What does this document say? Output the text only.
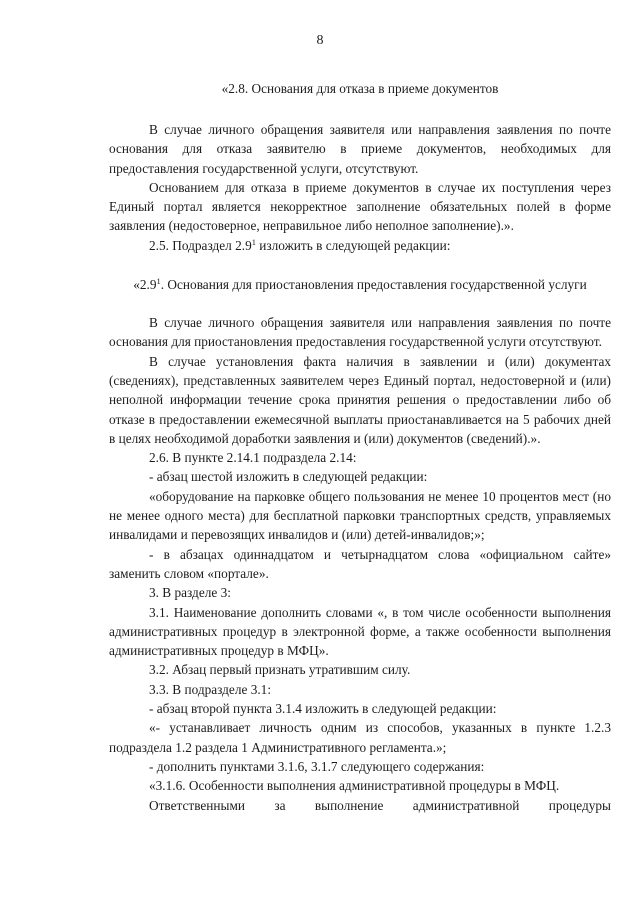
8

«2.8. Основания для отказа в приеме документов

В случае личного обращения заявителя или направления заявления по почте основания для отказа заявителю в приеме документов, необходимых для предоставления государственной услуги, отсутствуют.

Основанием для отказа в приеме документов в случае их поступления через Единый портал является некорректное заполнение обязательных полей в форме заявления (недостоверное, неправильное либо неполное заполнение).».

2.5. Подраздел $2.9^1$ изложить в следующей редакции:

«$2.9^1$. Основания для приостановления предоставления государственной услуги

В случае личного обращения заявителя или направления заявления по почте основания для приостановления предоставления государственной услуги отсутствуют.

В случае установления факта наличия в заявлении и (или) документах (сведениях), представленных заявителем через Единый портал, недостоверной и (или) неполной информации течение срока принятия решения о предоставлении либо об отказе в предоставлении ежемесячной выплаты приостанавливается на 5 рабочих дней в целях необходимой доработки заявления и (или) документов (сведений).».

2.6. В пункте 2.14.1 подраздела 2.14:

- абзац шестой изложить в следующей редакции:

«оборудование на парковке общего пользования не менее 10 процентов мест (но не менее одного места) для бесплатной парковки транспортных средств, управляемых инвалидами и перевозящих инвалидов и (или) детей-инвалидов;»;

- в абзацах одиннадцатом и четырнадцатом слова «официальном сайте» заменить словом «портале».

3. В разделе 3:

3.1. Наименование дополнить словами «, в том числе особенности выполнения административных процедур в электронной форме, а также особенности выполнения административных процедур в МФЦ».

3.2. Абзац первый признать утратившим силу.

3.3. В подразделе 3.1:

- абзац второй пункта 3.1.4 изложить в следующей редакции:

«- устанавливает личность одним из способов, указанных в пункте 1.2.3 подраздела 1.2 раздела 1 Административного регламента.»;

- дополнить пунктами 3.1.6, 3.1.7 следующего содержания:

«3.1.6. Особенности выполнения административной процедуры в МФЦ.

Ответственными за выполнение административной процедуры
